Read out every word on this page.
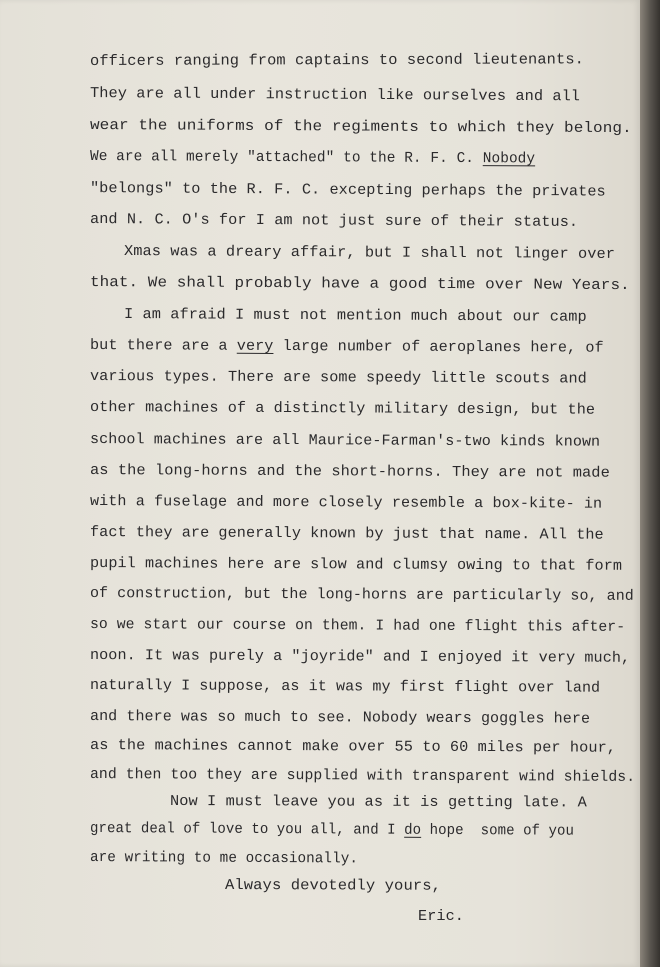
officers ranging from captains to second lieutenants.
They are all under instruction like ourselves and all
wear the uniforms of the regiments to which they belong.
We are all merely "attached" to the R. F. C. Nobody
"belongs" to the R. F. C. excepting perhaps the privates
and N. C. O's for I am not just sure of their status.
Xmas was a dreary affair, but I shall not linger over
that. We shall probably have a good time over New Years.
I am afraid I must not mention much about our camp
but there are a very large number of aeroplanes here, of
various types. There are some speedy little scouts and
other machines of a distinctly military design, but the
school machines are all Maurice-Farman's-two kinds known
as the long-horns and the short-horns. They are not made
with a fuselage and more closely resemble a box-kite- in
fact they are generally known by just that name. All the
pupil machines here are slow and clumsy owing to that form
of construction, but the long-horns are particularly so, and
so we start our course on them. I had one flight this after-
noon. It was purely a "joyride" and I enjoyed it very much,
naturally I suppose, as it was my first flight over land
and there was so much to see. Nobody wears goggles here
as the machines cannot make over 55 to 60 miles per hour,
and then too they are supplied with transparent wind shields.
Now I must leave you as it is getting late. A
great deal of love to you all, and I do hope  some of you
are writing to me occasionally.
Always devotedly yours,
Eric.
